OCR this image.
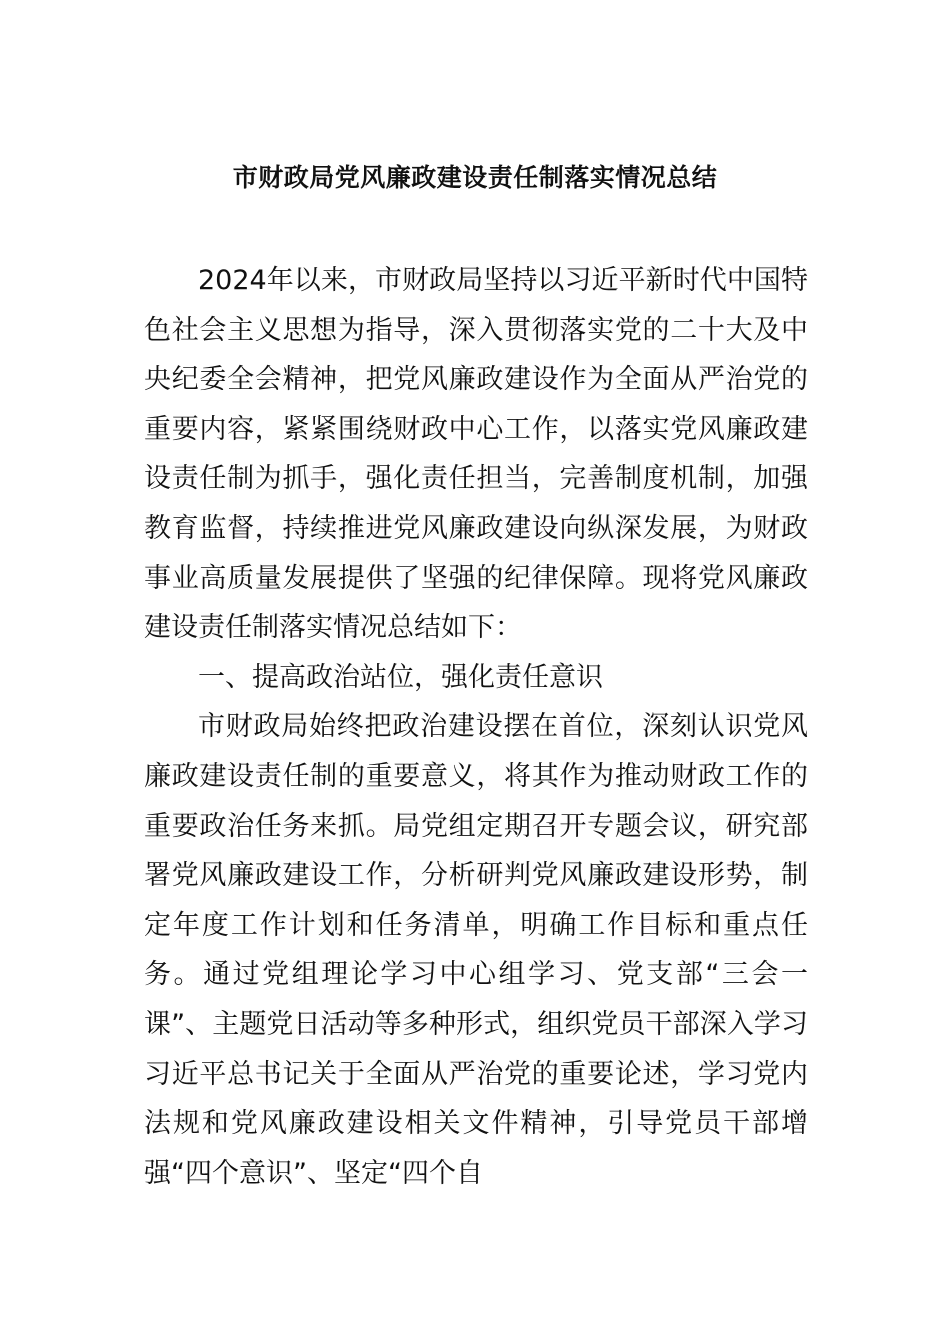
市财政局党风廉政建设责任制落实情况总结

2024年以来，市财政局坚持以习近平新时代中国特色社会主义思想为指导，深入贯彻落实党的二十大及中央纪委全会精神，把党风廉政建设作为全面从严治党的重要内容，紧紧围绕财政中心工作，以落实党风廉政建设责任制为抓手，强化责任担当，完善制度机制，加强教育监督，持续推进党风廉政建设向纵深发展，为财政事业高质量发展提供了坚强的纪律保障。现将党风廉政建设责任制落实情况总结如下：

一、提高政治站位，强化责任意识

市财政局始终把政治建设摆在首位，深刻认识党风廉政建设责任制的重要意义，将其作为推动财政工作的重要政治任务来抓。局党组定期召开专题会议，研究部署党风廉政建设工作，分析研判党风廉政建设形势，制定年度工作计划和任务清单，明确工作目标和重点任务。通过党组理论学习中心组学习、党支部“三会一课”、主题党日活动等多种形式，组织党员干部深入学习习近平总书记关于全面从严治党的重要论述，学习党内法规和党风廉政建设相关文件精神，引导党员干部增强“四个意识”、坚定“四个自
